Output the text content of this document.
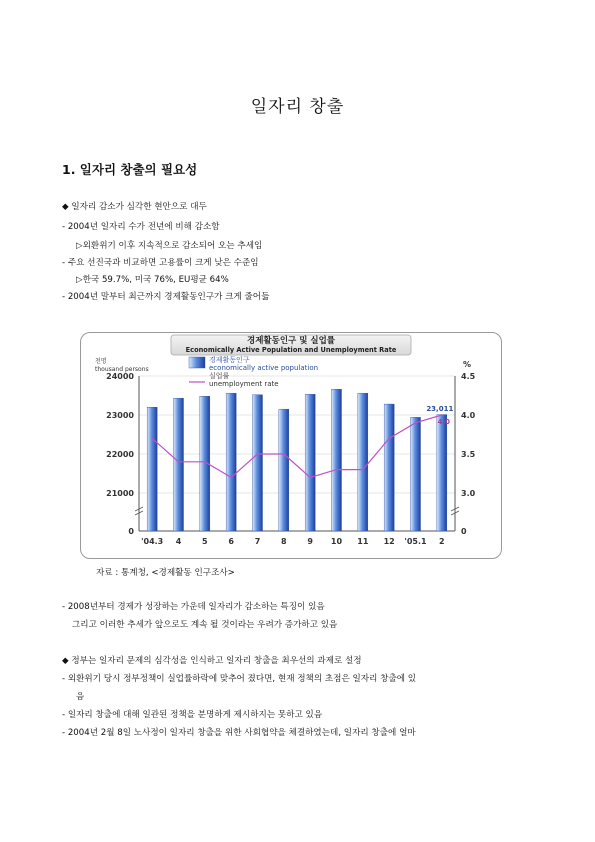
일자리 창출
1. 일자리 창출의 필요성
◆ 일자리 감소가 심각한 현안으로 대두
- 2004년 일자리 수가 전년에 비해 감소함
▷외환위기 이후 지속적으로 감소되어 오는 추세임
- 주요 선진국과 비교하면 고용률이 크게 낮은 수준임
▷한국 59.7%, 미국 76%, EU평균 64%
- 2004년 말부터 최근까지 경제활동인구가 크게 줄어듦
경제활동인구 및 실업률
Economically Active Population and Unemployment Rate
24000
23000
22000
21000
0
4.5
4.0
3.5
3.0
0
천명
thousand persons
%
'04.3 4	5	6	7	8	9 10 11 12 '05.1 2
경제활동인구
economically active population
실업률
unemployment rate
23,011
4.0
자료 : 통계청, <경제활동 인구조사>
- 2008년부터 경제가 성장하는 가운데 일자리가 감소하는 특징이 있음
그리고 이러한 추세가 앞으로도 계속 될 것이라는 우려가 증가하고 있음
◆ 정부는 일자리 문제의 심각성을 인식하고 일자리 창출을 최우선의 과제로 설정
- 외환위기 당시 정부정책이 실업률하락에 맞추어 졌다면, 현재 정책의 초점은 일자리 창출에 있
음
- 일자리 창출에 대해 일관된 정책을 분명하게 제시하지는 못하고 있음
- 2004년 2월 8일 노사정이 일자리 창출을 위한 사회협약을 체결하였는데, 일자리 창출에 얼마
